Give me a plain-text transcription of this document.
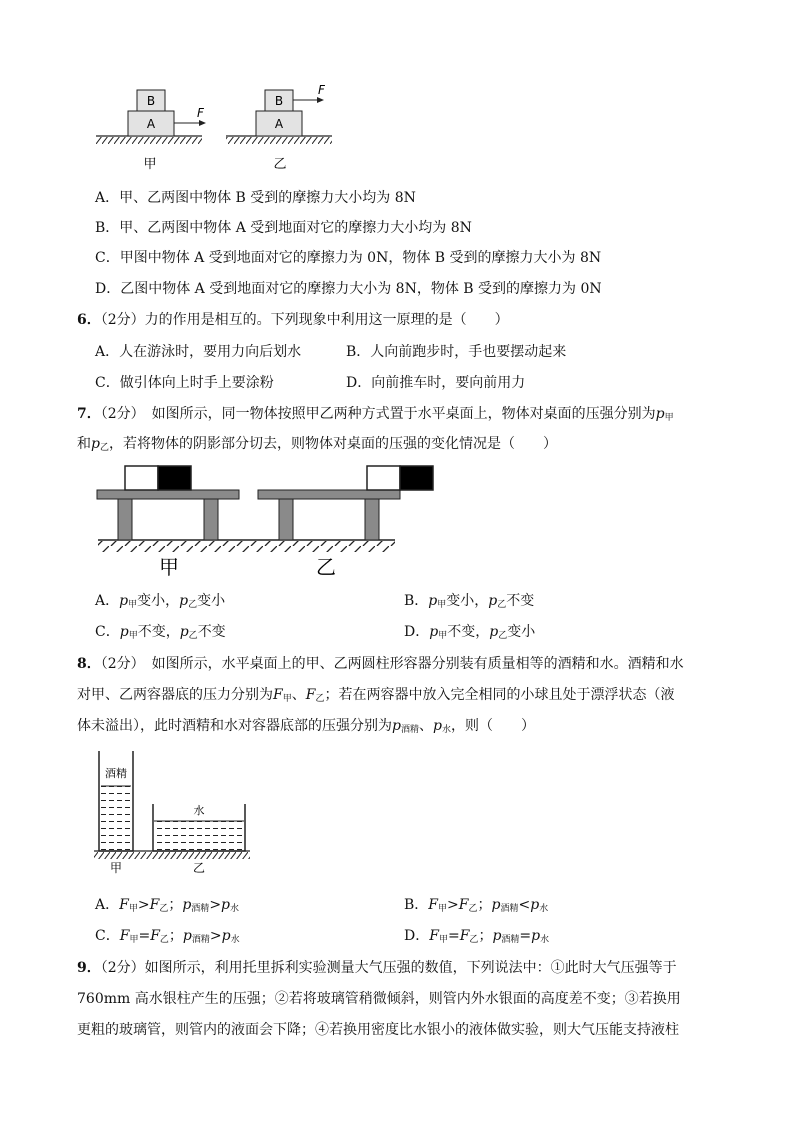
B
A
F
甲
B
A
F
乙
A．甲、乙两图中物体 B 受到的摩擦力大小均为 8N
B．甲、乙两图中物体 A 受到地面对它的摩擦力大小均为 8N
C．甲图中物体 A 受到地面对它的摩擦力为 0N，物体 B 受到的摩擦力大小为 8N
D．乙图中物体 A 受到地面对它的摩擦力大小为 8N，物体 B 受到的摩擦力为 0N
6．（2分）力的作用是相互的。下列现象中利用这一原理的是（　　）
A．人在游泳时，要用力向后划水	B．人向前跑步时，手也要摆动起来
C．做引体向上时手上要涂粉	D．向前推车时，要向前用力
7．（2分）　如图所示，同一物体按照甲乙两种方式置于水平桌面上，物体对桌面的压强分别为$p_甲$
和$p_乙$，若将物体的阴影部分切去，则物体对桌面的压强的变化情况是（　　）
甲	乙
A．$p_甲$变小，$p_乙$变小	B．$p_甲$变小，$p_乙$不变
C．$p_甲$不变，$p_乙$不变	D．$p_甲$不变，$p_乙$变小
8．（2分）　如图所示，水平桌面上的甲、乙两圆柱形容器分别装有质量相等的酒精和水。酒精和水
对甲、乙两容器底的压力分别为$F_甲$、$F_乙$；若在两容器中放入完全相同的小球且处于漂浮状态（液
体未溢出），此时酒精和水对容器底部的压强分别为$p_{酒精}$、$p_水$，则（　　）
酒精
水
甲	乙
A．$F_甲>F_乙$；$p_{酒精}>p_水$	B．$F_甲>F_乙$；$p_{酒精}<p_水$
C．$F_甲=F_乙$；$p_{酒精}>p_水$	D．$F_甲=F_乙$；$p_{酒精}=p_水$
9．（2分）如图所示，利用托里拆利实验测量大气压强的数值，下列说法中：①此时大气压强等于
760mm 高水银柱产生的压强；②若将玻璃管稍微倾斜，则管内外水银面的高度差不变；③若换用
更粗的玻璃管，则管内的液面会下降；④若换用密度比水银小的液体做实验，则大气压能支持液柱
